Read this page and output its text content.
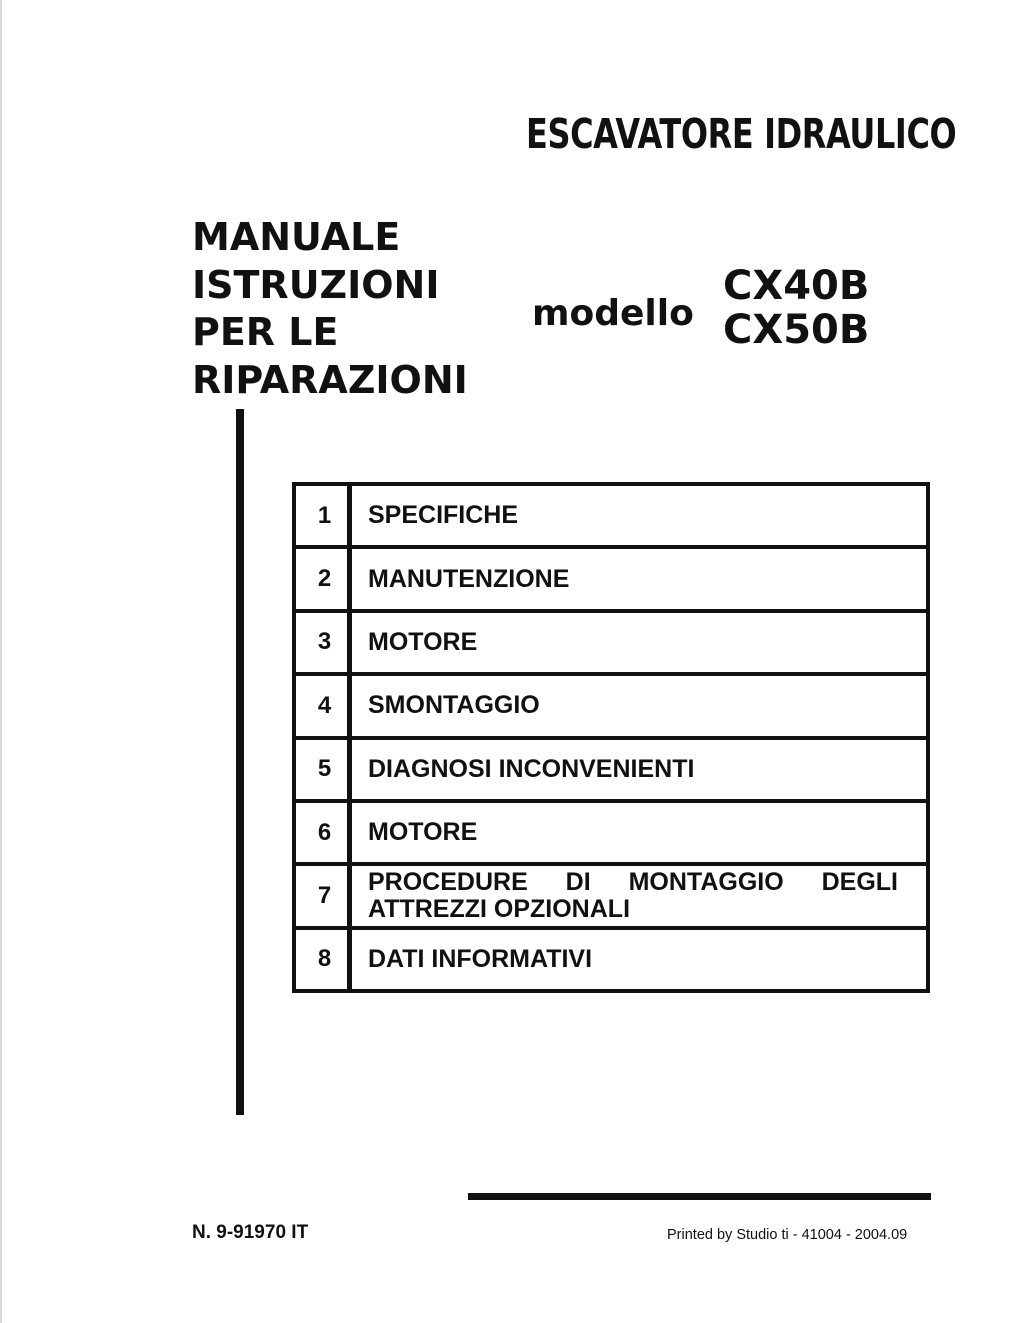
ESCAVATORE IDRAULICO
MANUALE
ISTRUZIONI
PER LE
RIPARAZIONI
modello
CX40B
CX50B
1	SPECIFICHE
2	MANUTENZIONE
3	MOTORE
4	SMONTAGGIO
5	DIAGNOSI INCONVENIENTI
6	MOTORE
7	PROCEDURE DI MONTAGGIO DEGLI ATTREZZI OPZIONALI
8	DATI INFORMATIVI
N. 9-91970 IT	Printed by Studio ti - 41004 - 2004.09
